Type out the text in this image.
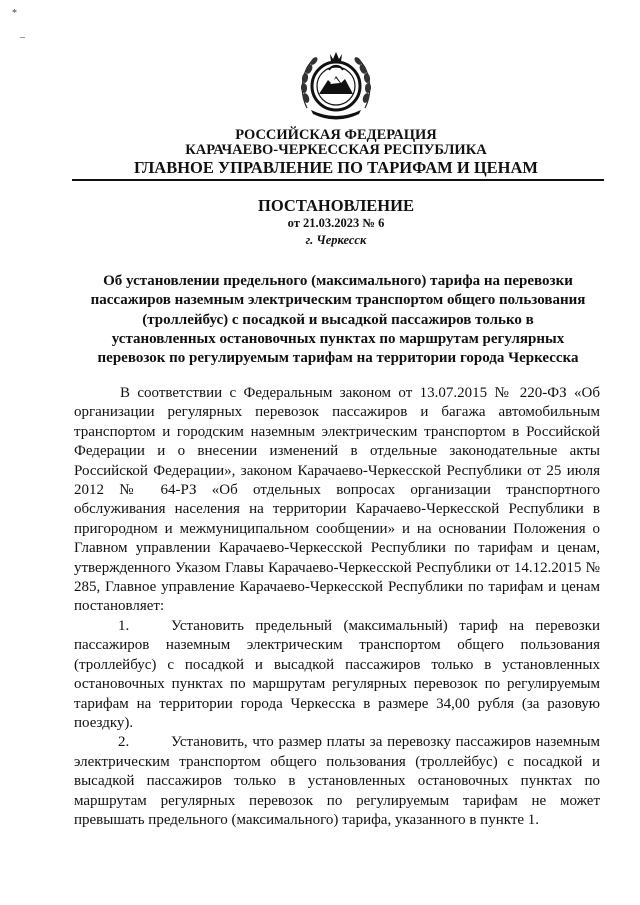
*
–
РОССИЙСКАЯ ФЕДЕРАЦИЯ
КАРАЧАЕВО-ЧЕРКЕССКАЯ РЕСПУБЛИКА
ГЛАВНОЕ УПРАВЛЕНИЕ ПО ТАРИФАМ И ЦЕНАМ
ПОСТАНОВЛЕНИЕ
от 21.03.2023 № 6
г. Черкесск
Об установлении предельного (максимального) тарифа на перевозки
пассажиров наземным электрическим транспортом общего пользования
(троллейбус) с посадкой и высадкой пассажиров только в
установленных остановочных пунктах по маршрутам регулярных
перевозок по регулируемым тарифам на территории города Черкесска

В соответствии с Федеральным законом от 13.07.2015 № 220-ФЗ «Об организации регулярных перевозок пассажиров и багажа автомобильным транспортом и городским наземным электрическим транспортом в Российской Федерации и о внесении изменений в отдельные законодательные акты Российской Федерации», законом Карачаево-Черкесской Республики от 25 июля 2012 № 64-РЗ «Об отдельных вопросах организации транспортного обслуживания населения на территории Карачаево-Черкесской Республики в пригородном и межмуниципальном сообщении» и на основании Положения о Главном управлении Карачаево-Черкесской Республики по тарифам и ценам, утвержденного Указом Главы Карачаево-Черкесской Республики от 14.12.2015 № 285, Главное управление Карачаево-Черкесской Республики по тарифам и ценам постановляет:

1.	Установить предельный (максимальный) тариф на перевозки пассажиров наземным электрическим транспортом общего пользования (троллейбус) с посадкой и высадкой пассажиров только в установленных остановочных пунктах по маршрутам регулярных перевозок по регулируемым тарифам на территории города Черкесска в размере 34,00 рубля (за разовую поездку).

2.	Установить, что размер платы за перевозку пассажиров наземным электрическим транспортом общего пользования (троллейбус) с посадкой и высадкой пассажиров только в установленных остановочных пунктах по маршрутам регулярных перевозок по регулируемым тарифам не может превышать предельного (максимального) тарифа, указанного в пункте 1.
